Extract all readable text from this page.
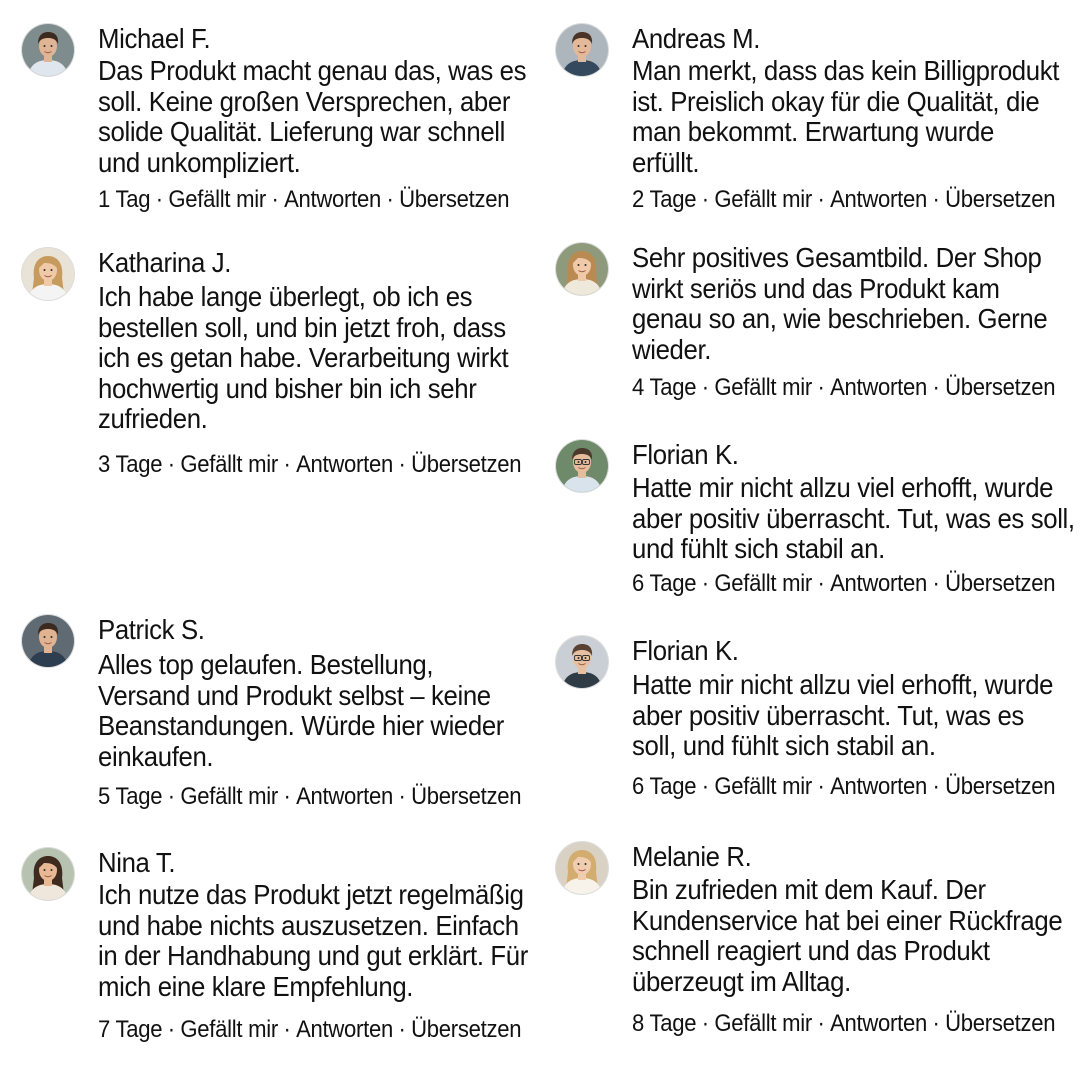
Michael F.
Das Produkt macht genau das, was es
soll. Keine großen Versprechen, aber
solide Qualität. Lieferung war schnell
und unkompliziert.
1 Tag · Gefällt mir · Antworten · Übersetzen
Andreas M.
Man merkt, dass das kein Billigprodukt
ist. Preislich okay für die Qualität, die
man bekommt. Erwartung wurde
erfüllt.
2 Tage · Gefällt mir · Antworten · Übersetzen
Katharina J.
Ich habe lange überlegt, ob ich es
bestellen soll, und bin jetzt froh, dass
ich es getan habe. Verarbeitung wirkt
hochwertig und bisher bin ich sehr
zufrieden.
3 Tage · Gefällt mir · Antworten · Übersetzen
Sehr positives Gesamtbild. Der Shop
wirkt seriös und das Produkt kam
genau so an, wie beschrieben. Gerne
wieder.
4 Tage · Gefällt mir · Antworten · Übersetzen
Florian K.
Hatte mir nicht allzu viel erhofft, wurde
aber positiv überrascht. Tut, was es soll,
und fühlt sich stabil an.
6 Tage · Gefällt mir · Antworten · Übersetzen
Patrick S.
Alles top gelaufen. Bestellung,
Versand und Produkt selbst – keine
Beanstandungen. Würde hier wieder
einkaufen.
5 Tage · Gefällt mir · Antworten · Übersetzen
Florian K.
Hatte mir nicht allzu viel erhofft, wurde
aber positiv überrascht. Tut, was es
soll, und fühlt sich stabil an.
6 Tage · Gefällt mir · Antworten · Übersetzen
Nina T.
Ich nutze das Produkt jetzt regelmäßig
und habe nichts auszusetzen. Einfach
in der Handhabung und gut erklärt. Für
mich eine klare Empfehlung.
7 Tage · Gefällt mir · Antworten · Übersetzen
Melanie R.
Bin zufrieden mit dem Kauf. Der
Kundenservice hat bei einer Rückfrage
schnell reagiert und das Produkt
überzeugt im Alltag.
8 Tage · Gefällt mir · Antworten · Übersetzen
